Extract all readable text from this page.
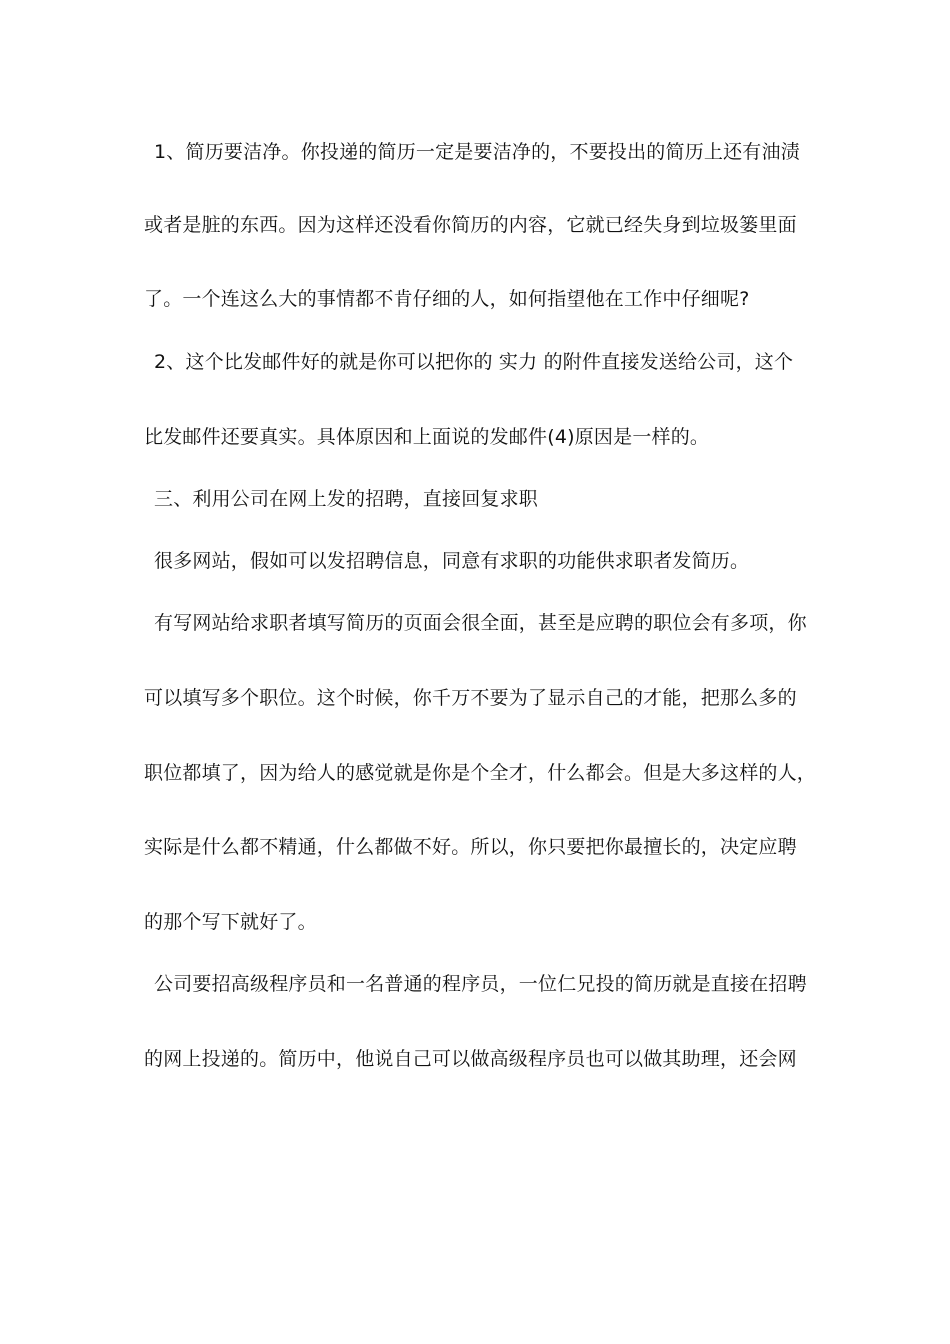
1、简历要洁净。你投递的简历一定是要洁净的，不要投出的简历上还有油渍
或者是脏的东西。因为这样还没看你简历的内容，它就已经失身到垃圾篓里面
了。一个连这么大的事情都不肯仔细的人，如何指望他在工作中仔细呢?
2、这个比发邮件好的就是你可以把你的 实力 的附件直接发送给公司，这个
比发邮件还要真实。具体原因和上面说的发邮件(4)原因是一样的。
三、利用公司在网上发的招聘，直接回复求职
很多网站，假如可以发招聘信息，同意有求职的功能供求职者发简历。
有写网站给求职者填写简历的页面会很全面，甚至是应聘的职位会有多项，你
可以填写多个职位。这个时候，你千万不要为了显示自己的才能，把那么多的
职位都填了，因为给人的感觉就是你是个全才，什么都会。但是大多这样的人，
实际是什么都不精通，什么都做不好。所以，你只要把你最擅长的，决定应聘
的那个写下就好了。
公司要招高级程序员和一名普通的程序员，一位仁兄投的简历就是直接在招聘
的网上投递的。简历中，他说自己可以做高级程序员也可以做其助理，还会网
